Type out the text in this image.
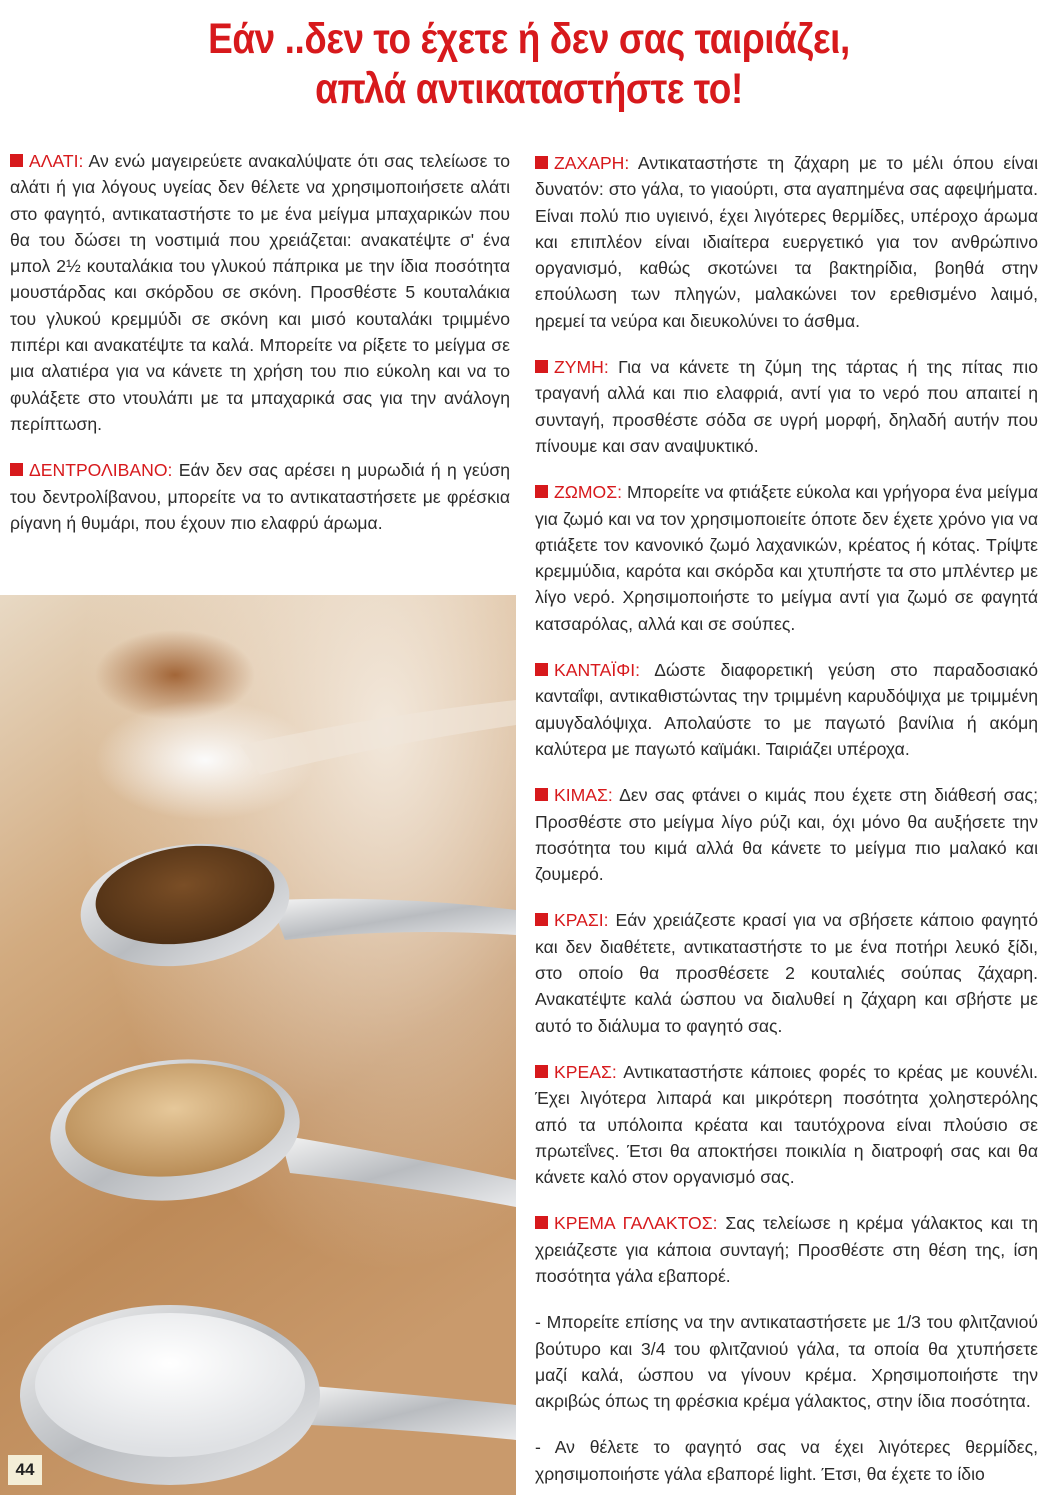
Εάν ..δεν το έχετε ή δεν σας ταιριάζει,
απλά αντικαταστήστε το!

ΑΛΑΤΙ: Αν ενώ μαγειρεύετε ανακαλύψατε ότι σας τελείωσε το αλάτι ή για λόγους υγείας δεν θέλετε να χρησιμοποιήσετε αλάτι στο φαγητό, αντικαταστήστε το με ένα μείγμα μπαχαρικών που θα του δώσει τη νοστιμιά που χρειάζεται: ανακατέψτε σ' ένα μπολ 2½ κουταλάκια του γλυκού πάπρικα με την ίδια ποσότητα μουστάρδας και σκόρδου σε σκόνη. Προσθέστε 5 κουταλάκια του γλυκού κρεμμύδι σε σκόνη και μισό κουταλάκι τριμμένο πιπέρι και ανακατέψτε τα καλά. Μπορείτε να ρίξετε το μείγμα σε μια αλατιέρα για να κάνετε τη χρήση του πιο εύκολη και να το φυλάξετε στο ντουλάπι με τα μπαχαρικά σας για την ανάλογη περίπτωση.

ΔΕΝΤΡΟΛΙΒΑΝΟ: Εάν δεν σας αρέσει η μυρωδιά ή η γεύση του δεντρολίβανου, μπορείτε να το αντικαταστήσετε με φρέσκια ρίγανη ή θυμάρι, που έχουν πιο ελαφρύ άρωμα.

ΖΑΧΑΡΗ: Αντικαταστήστε τη ζάχαρη με το μέλι όπου είναι δυνατόν: στο γάλα, το γιαούρτι, στα αγαπημένα σας αφεψήματα. Είναι πολύ πιο υγιεινό, έχει λιγότερες θερμίδες, υπέροχο άρωμα και επιπλέον είναι ιδιαίτερα ευεργετικό για τον ανθρώπινο οργανισμό, καθώς σκοτώνει τα βακτηρίδια, βοηθά στην επούλωση των πληγών, μαλακώνει τον ερεθισμένο λαιμό, ηρεμεί τα νεύρα και διευκολύνει το άσθμα.

ΖΥΜΗ: Για να κάνετε τη ζύμη της τάρτας ή της πίτας πιο τραγανή αλλά και πιο ελαφριά, αντί για το νερό που απαιτεί η συνταγή, προσθέστε σόδα σε υγρή μορφή, δηλαδή αυτήν που πίνουμε και σαν αναψυκτικό.

ΖΩΜΟΣ: Μπορείτε να φτιάξετε εύκολα και γρήγορα ένα μείγμα για ζωμό και να τον χρησιμοποιείτε όποτε δεν έχετε χρόνο για να φτιάξετε τον κανονικό ζωμό λαχανικών, κρέατος ή κότας. Τρίψτε κρεμμύδια, καρότα και σκόρδα και χτυπήστε τα στο μπλέντερ με λίγο νερό. Χρησιμοποιήστε το μείγμα αντί για ζωμό σε φαγητά κατσαρόλας, αλλά και σε σούπες.

ΚΑΝΤΑΪΦΙ: Δώστε διαφορετική γεύση στο παραδοσιακό κανταΐφι, αντικαθιστώντας την τριμμένη καρυδόψιχα με τριμμένη αμυγδαλόψιχα. Απολαύστε το με παγωτό βανίλια ή ακόμη καλύτερα με παγωτό καϊμάκι. Ταιριάζει υπέροχα.

ΚΙΜΑΣ: Δεν σας φτάνει ο κιμάς που έχετε στη διάθεσή σας; Προσθέστε στο μείγμα λίγο ρύζι και, όχι μόνο θα αυξήσετε την ποσότητα του κιμά αλλά θα κάνετε το μείγμα πιο μαλακό και ζουμερό.

ΚΡΑΣΙ: Εάν χρειάζεστε κρασί για να σβήσετε κάποιο φαγητό και δεν διαθέτετε, αντικαταστήστε το με ένα ποτήρι λευκό ξίδι, στο οποίο θα προσθέσετε 2 κουταλιές σούπας ζάχαρη. Ανακατέψτε καλά ώσπου να διαλυθεί η ζάχαρη και σβήστε με αυτό το διάλυμα το φαγητό σας.

ΚΡΕΑΣ: Αντικαταστήστε κάποιες φορές το κρέας με κουνέλι. Έχει λιγότερα λιπαρά και μικρότερη ποσότητα χοληστερόλης από τα υπόλοιπα κρέατα και ταυτόχρονα είναι πλούσιο σε πρωτεΐνες. Έτσι θα αποκτήσει ποικιλία η διατροφή σας και θα κάνετε καλό στον οργανισμό σας.

ΚΡΕΜΑ ΓΑΛΑΚΤΟΣ: Σας τελείωσε η κρέμα γάλακτος και τη χρειάζεστε για κάποια συνταγή; Προσθέστε στη θέση της, ίση ποσότητα γάλα εβαπορέ.

- Μπορείτε επίσης να την αντικαταστήσετε με 1/3 του φλιτζανιού βούτυρο και 3/4 του φλιτζανιού γάλα, τα οποία θα χτυπήσετε μαζί καλά, ώσπου να γίνουν κρέμα. Χρησιμοποιήστε την ακριβώς όπως τη φρέσκια κρέμα γάλακτος, στην ίδια ποσότητα.

- Αν θέλετε το φαγητό σας να έχει λιγότερες θερμίδες, χρησιμοποιήστε γάλα εβαπορέ light. Έτσι, θα έχετε το ίδιο

44
